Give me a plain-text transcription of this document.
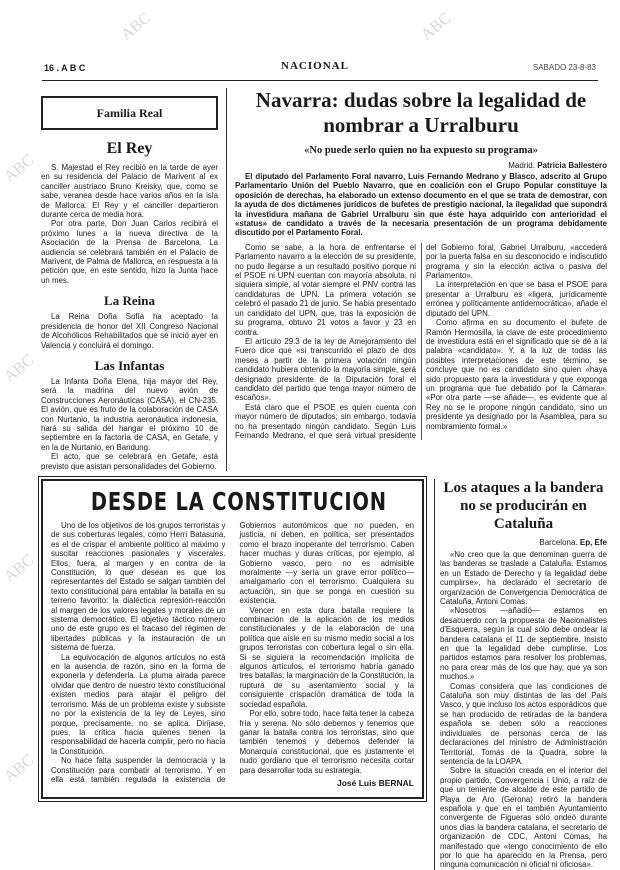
ABC	ABC
ABC
ABC
ABC
ABC
16 . A B C	NACIONAL	SABADO 23-8-83
Familia Real
El Rey

S. Majestad el Rey recibió en la tarde de ayer en su residencia del Palacio de Marivent al ex canciller austriaco Bruno Kreisky, que, como se sabe, veranea desde hace varios años en la isla de Mallorca. El Rey y el canciller departieron durante cerca de media hora.

Por otra parte, Don Juan Carlos recibirá el próximo lunes a la nueva directiva de la Asociación de la Prensa de Barcelona. La audiencia se celebrará también en el Palacio de Marivent, de Palma de Mallorca, en respuesta a la petición que, en este sentido, hizo la Junta hace un mes.

La Reina

La Reina Doña Sofía ha aceptado la presidencia de honor del XII Congreso Nacional de Alcohólicos Rehabilitados que se inició ayer en Valencia y concluirá el domingo.

Las Infantas

La Infanta Doña Elena, hija mayor del Rey, será la madrina del nuevo avión de Construcciones Aeronáuticas (CASA), el CN-235. El avión, que es fruto de la colaboración de CASA con Nurtanio, la industria aeronáutica indonesia, hará su salida del hangar el próximo 10 de septiembre en la factoría de CASA, en Getafe, y en la de Nurtanio, en Bandung.

El acto, que se celebrará en Getafe, está previsto que asistan personalidades del Gobierno.

Navarra: dudas sobre la legalidad de nombrar a Urralburu
«No puede serlo quien no ha expuesto su programa»
Madrid. Patricia Ballestero

El diputado del Parlamento Foral navarro, Luis Fernando Medrano y Blasco, adscrito al Grupo Parlamentario Unión del Pueblo Navarro, que en coalición con el Grupo Popular constituye la oposición de derechas, ha elaborado un extenso documento en el que se trata de demostrar, con la ayuda de dos dictámenes jurídicos de bufetes de prestigio nacional, la ilegalidad que supondrá la investidura mañana de Gabriel Urralburu sin que éste haya adquirido con anterioridad el «status» de candidato a través de la necesaria presentación de un programa debidamente discutido por el Parlamento Foral.

Como se sabe, a la hora de enfrentarse el Parlamento navarro a la elección de su presidente, no pudo llegarse a un resultado positivo porque ni el PSOE ni UPN cuentan con mayoría absoluta, ni siquiera simple, al votar siempre el PNV contra las candidaturas de UPN. La primera votación se celebró el pasado 21 de junio. Se había presentado un candidato del UPN, que, tras la exposición de su programa, obtuvo 21 votos a favor y 23 en contra.

El artículo 29.3 de la ley de Amejoramiento del Fuero dice que «si transcurrido el plazo de dos meses a partir de la primera votación ningún candidato hubiera obtenido la mayoría simple, será designado presidente de la Diputación foral el candidato del partido que tenga mayor número de escaños».

Está claro que el PSOE es quien cuenta con mayor número de diputados; sin embargo, todavía no ha presentado ningún candidato. Según Luis Fernando Medrano, el que será virtual presidente del Gobierno foral, Gabriel Urralburu, «accederá por la puerta falsa en su desconocido e indiscutido programa y sin la elección activa o pasiva del Parlamento».

La interpretación en que se basa el PSOE para presentar a Urralburu es «ligera, jurídicamente errónea y políticamente antidemocrática», añade el diputado del UPN.

Como afirma en su documento el bufete de Ramón Hermosilla, la clave de este procedimiento de investidura está en el significado que se dé a la palabra «candidato». Y, a la luz de todas las posibles interpretaciones de este término, se concluye que no es candidato sino quien «haya sido propuesto para la investidura y que exponga un programa que fue debatido por la Cámara». «Por otra parte —se añade—, es evidente que al Rey no se le propone ningún candidato, sino un presidente ya designado por la Asamblea, para su nombramiento formal.»

DESDE LA CONSTITUCION

Uno de los objetivos de los grupos terroristas y de sus coberturas legales, como Herri Batasuna, es el de crispar el ambiente político al máximo y suscitar reacciones pasionales y viscerales. Ellos, fuera, al margen y en contra de la Constitución, lo que desean es que los representantes del Estado se salgan también del texto constitucional para entablar la batalla en su terreno favorito: la dialéctica represión-reacción al margen de los valores legales y morales de un sistema democrático. El objetivo táctico número uno de este grupo es el fracaso del régimen de libertades públicas y la instauración de un sistema de fuerza.

La equivocación de algunos artículos no está en la ausencia de razón, sino en la forma de exponerla y defenderla. La pluma airada parece olvidar que dentro de nuestro texto constitucional existen medios para atajar el peligro del terrorismo. Más de un problema existe y subsiste no por la existencia de la ley de Leyes, sino porque, precisamente, no se aplica. Diríjase, pues, la crítica hacia quienes tienen la responsabilidad de hacerla cumplir, pero no hacia la Constitución.

No hace falta suspender la democracia y la Constitución para combatir al terrorismo. Y en ella está también regulada la existencia de Gobiernos autonómicos que no pueden, en justicia, ni deben, en política, ser presentados como el brazo inoperante del terrorismo. Caben hacer muchas y duras críticas, por ejemplo, al Gobierno vasco, pero no es admisible moralmente —y sería un grave error político— amalgamarlo con el terrorismo. Cualquiera su actuación, sin que se ponga en cuestión su existencia.

Vencer en esta dura batalla requiere la combinación de la aplicación de los medios constitucionales y de la elaboración de una política que aísle en su mismo medio social a los grupos terroristas con cobertura legal o sin ella. Si se siguiera la recomendación implícita de algunos artículos, el terrorismo habría ganado tres batallas: la marginación de la Constitución, la ruptura de su asentamiento social y la consiguiente crispación dramática de toda la sociedad española.

Por ello, sobre todo, hace falta tener la cabeza fría y serena. No sólo debemos y tenemos que ganar la batalla contra los terroristas, sino que también tenemos y debemos defender la Monarquía constitucional, que es justamente el nudo gordiano que el terrorismo necesita cortar para desarrollar toda su estrategia.

José Luis BERNAL
Los ataques a la bandera no se producirán en Cataluña
Barcelona. Ep, Efe

«No creo que la que denominan guerra de las banderas se traslade a Cataluña. Estamos en un Estado de Derecho y la legalidad debe cumplirse», ha declarado el secretario de organización de Convergencia Democrática de Cataluña, Antoni Comas.

«Nosotros —añadió— estamos en desacuerdo con la propuesta de Nacionalistes d'Esquerra, según la cual sólo debe ondear la bandera catalana el 11 de septiembre. Insisto en que la legalidad debe cumplirse. Los partidos estamos para resolver los problemas, no para crear más de los que hay, que ya son muchos.»

Comas considera que las condiciones de Cataluña son muy distintas de las del País Vasco, y que incluso los actos esporádicos que se han producido de retiradas de la bandera española se deben sólo a reacciones individuales de personas cerca de las declaraciones del ministro de Administración Territorial, Tomás de la Quadra, sobre la sentencia de la LOAPA.

Sobre la situación creada en el interior del propio partido, Convergencia i Unió, a raíz de que un teniente de alcalde de este partido de Playa de Aro (Gerona) retiró la bandera española y que en el también Ayuntamiento convergente de Figueras sólo ondeó durante unos días la bandera catalana, el secretario de organización de CDC, Antoni Comas, ha manifestado que «tengo conocimiento de ello por lo que ha aparecido en la Prensa, pero ninguna comunicación ni oficial ni oficiosa».
